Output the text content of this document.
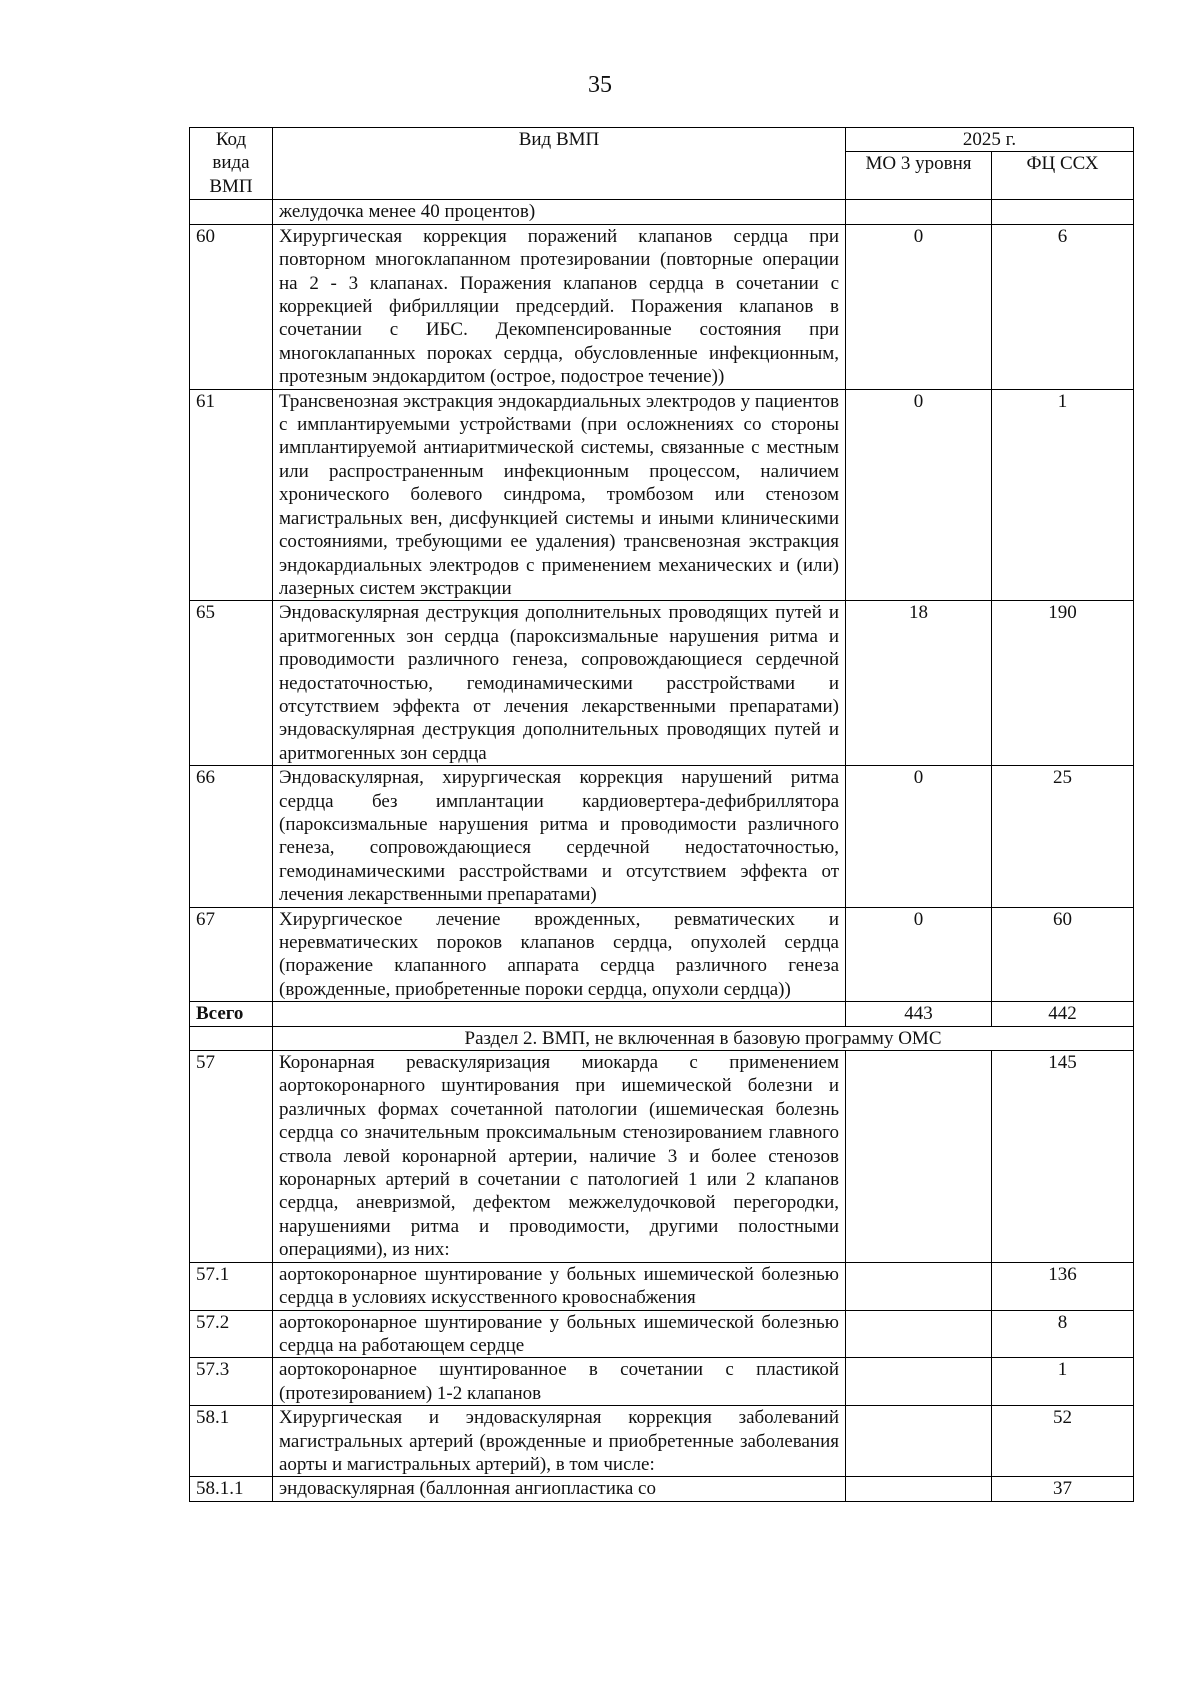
35
Код вида ВМП	Вид ВМП	2025 г.	
		МО 3 уровня	ФЦ ССХ
	желудочка менее 40 процентов)		
60	Хирургическая коррекция поражений клапанов сердца при повторном многоклапанном протезировании (повторные операции на 2 - 3 клапанах. Поражения клапанов сердца в сочетании с коррекцией фибрилляции предсердий. Поражения клапанов в сочетании с ИБС. Декомпенсированные состояния при многоклапанных пороках сердца, обусловленные инфекционным, протезным эндокардитом (острое, подострое течение))	0	6
61	Трансвенозная экстракция эндокардиальных электродов у пациентов с имплантируемыми устройствами (при осложнениях со стороны имплантируемой антиаритмической системы, связанные с местным или распространенным инфекционным процессом, наличием хронического болевого синдрома, тромбозом или стенозом магистральных вен, дисфункцией системы и иными клиническими состояниями, требующими ее удаления) трансвенозная экстракция эндокардиальных электродов с применением механических и (или) лазерных систем экстракции	0	1
65	Эндоваскулярная деструкция дополнительных проводящих путей и аритмогенных зон сердца (пароксизмальные нарушения ритма и проводимости различного генеза, сопровождающиеся сердечной недостаточностью, гемодинамическими расстройствами и отсутствием эффекта от лечения лекарственными препаратами) эндоваскулярная деструкция дополнительных проводящих путей и аритмогенных зон сердца	18	190
66	Эндоваскулярная, хирургическая коррекция нарушений ритма сердца без имплантации кардиовертера-дефибриллятора (пароксизмальные нарушения ритма и проводимости различного генеза, сопровождающиеся сердечной недостаточностью, гемодинамическими расстройствами и отсутствием эффекта от лечения лекарственными препаратами)	0	25
67	Хирургическое лечение врожденных, ревматических и неревматических пороков клапанов сердца, опухолей сердца (поражение клапанного аппарата сердца различного генеза (врожденные, приобретенные пороки сердца, опухоли сердца))	0	60
Всего		443	442
	Раздел 2. ВМП, не включенная в базовую программу ОМС		
57	Коронарная реваскуляризация миокарда с применением аортокоронарного шунтирования при ишемической болезни и различных формах сочетанной патологии (ишемическая болезнь сердца со значительным проксимальным стенозированием главного ствола левой коронарной артерии, наличие 3 и более стенозов коронарных артерий в сочетании с патологией 1 или 2 клапанов сердца, аневризмой, дефектом межжелудочковой перегородки, нарушениями ритма и проводимости, другими полостными операциями), из них:		145
57.1	аортокоронарное шунтирование у больных ишемической болезнью сердца в условиях искусственного кровоснабжения		136
57.2	аортокоронарное шунтирование у больных ишемической болезнью сердца на работающем сердце		8
57.3	аортокоронарное шунтированное в сочетании с пластикой (протезированием) 1-2 клапанов		1
58.1	Хирургическая и эндоваскулярная коррекция заболеваний магистральных артерий (врожденные и приобретенные заболевания аорты и магистральных артерий), в том числе:		52
58.1.1	эндоваскулярная (баллонная ангиопластика со		37
